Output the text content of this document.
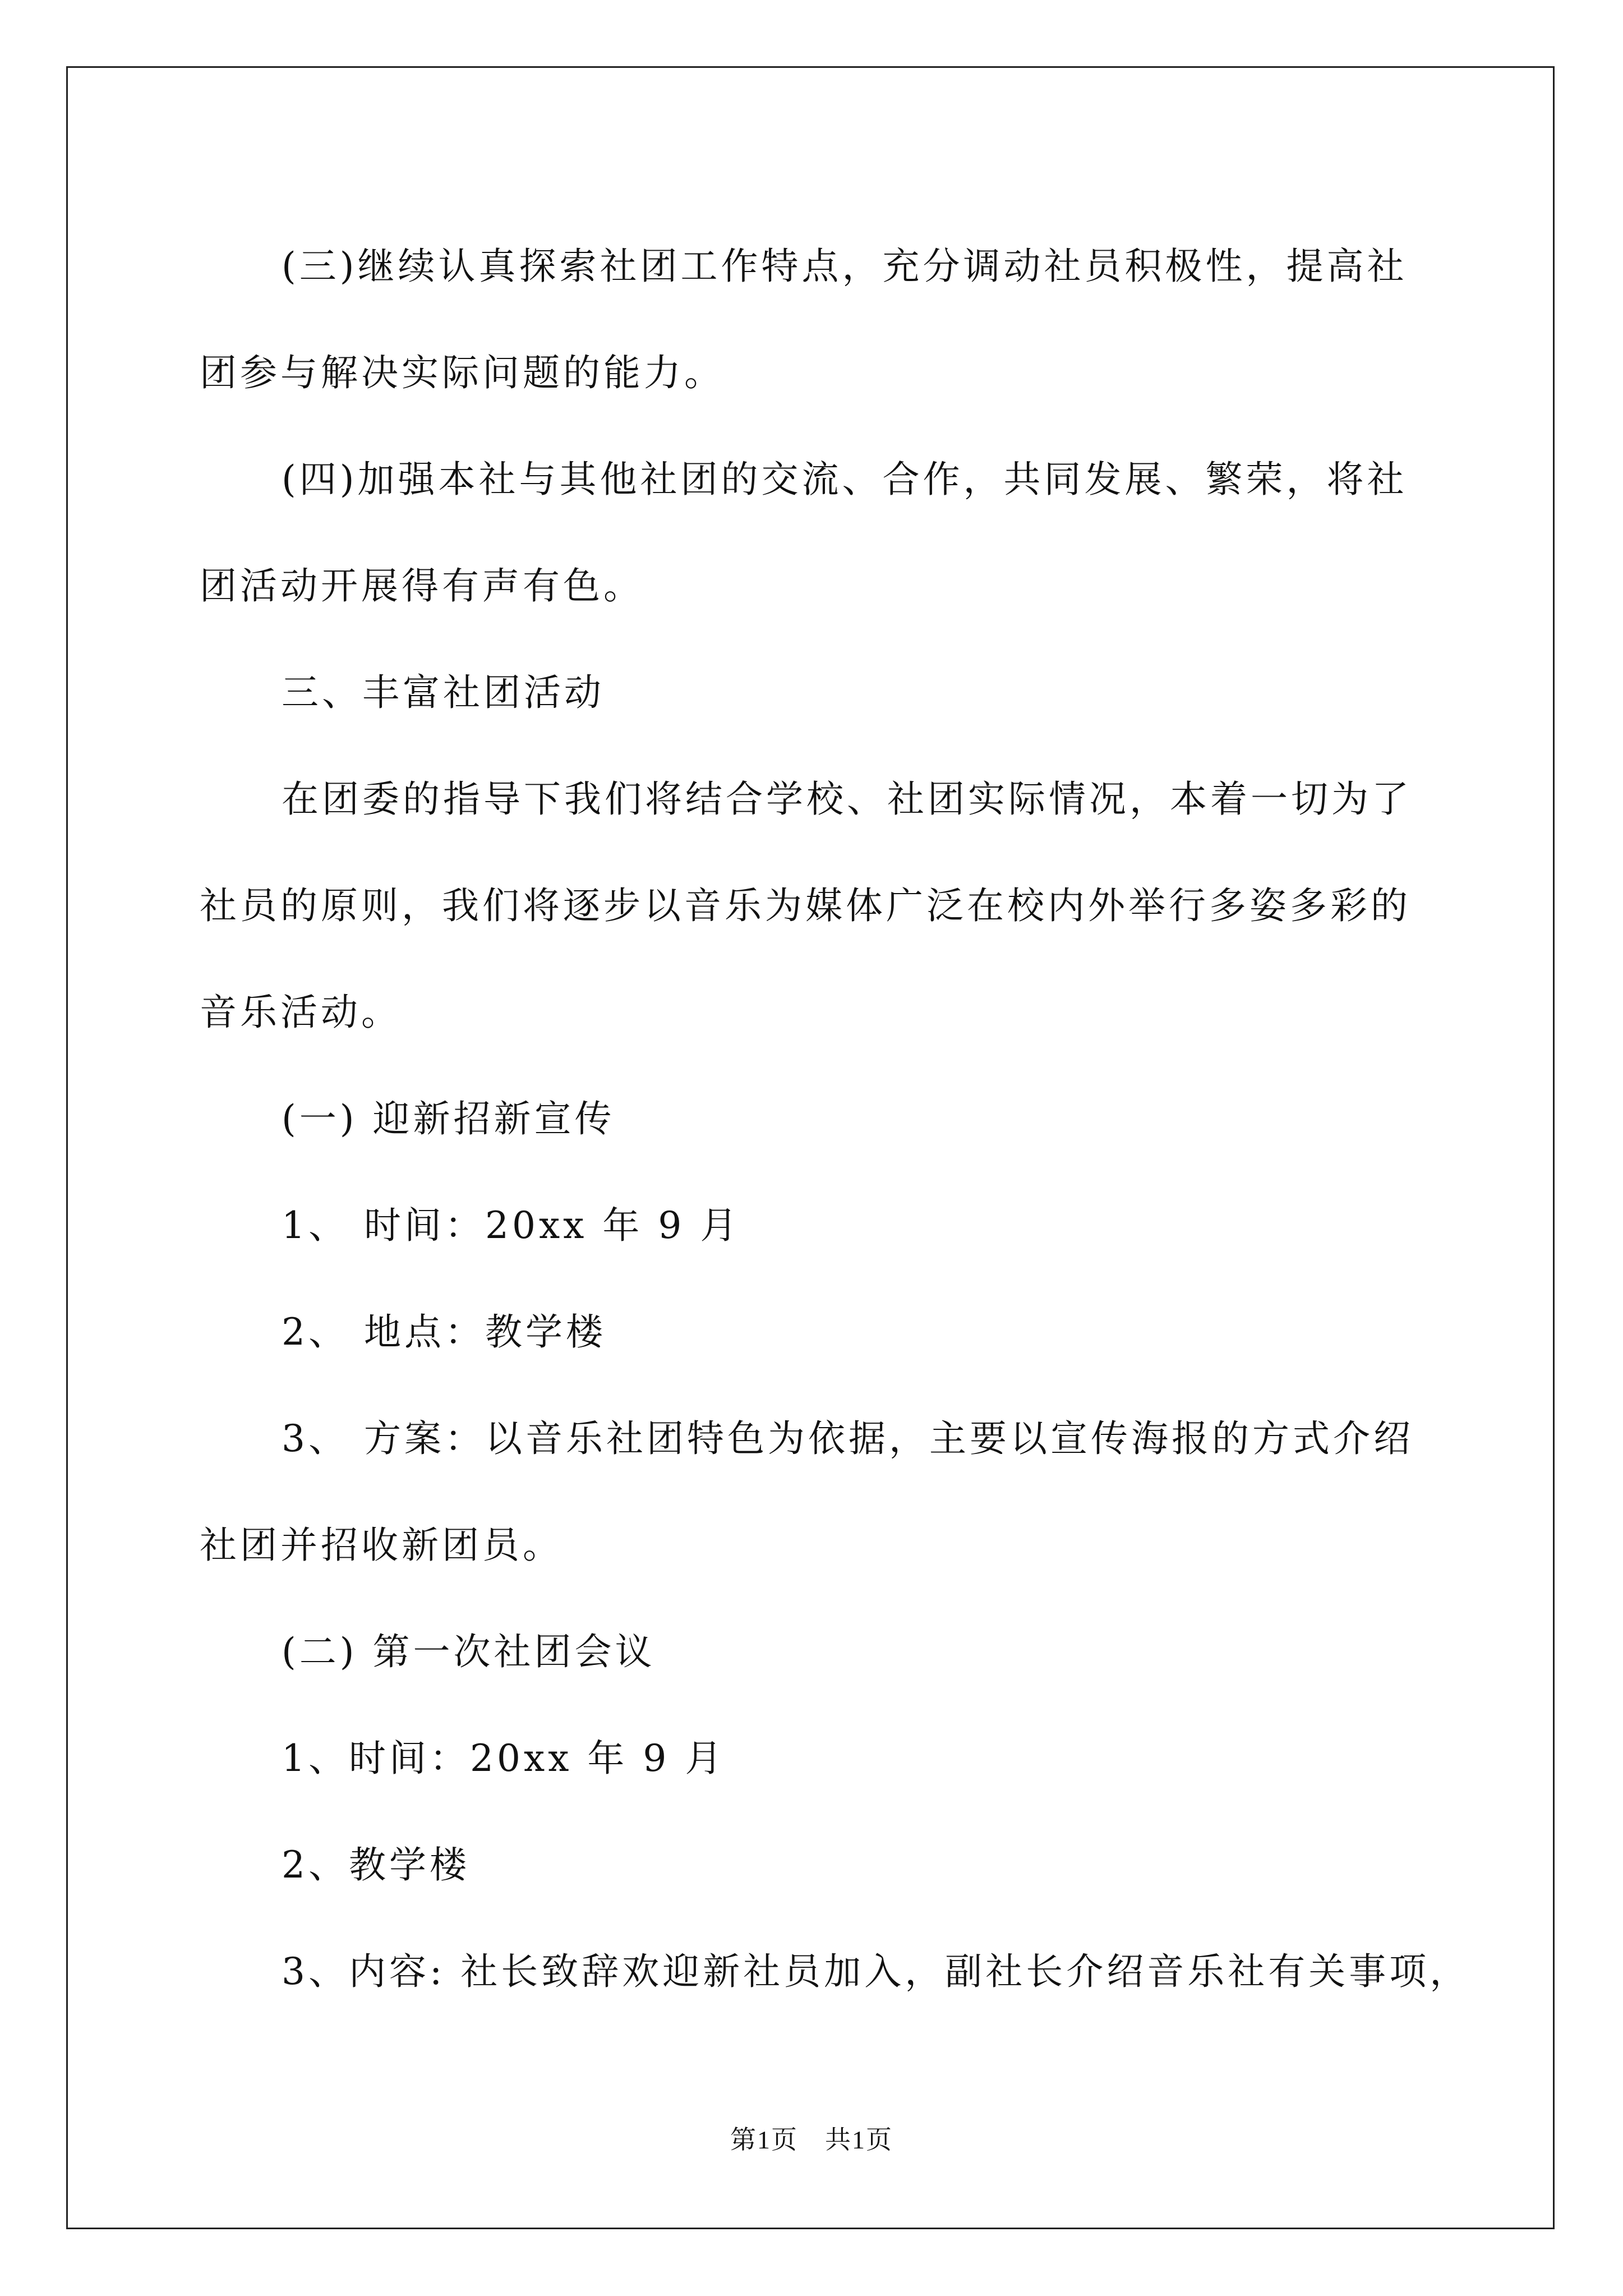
(三)继续认真探索社团工作特点，充分调动社员积极性，提高社

团参与解决实际问题的能力。

(四)加强本社与其他社团的交流、合作，共同发展、繁荣，将社

团活动开展得有声有色。

三、丰富社团活动

在团委的指导下我们将结合学校、社团实际情况，本着一切为了

社员的原则，我们将逐步以音乐为媒体广泛在校内外举行多姿多彩的

音乐活动。

(一) 迎新招新宣传

1、 时间：20xx 年 9 月

2、 地点：教学楼

3、 方案：以音乐社团特色为依据，主要以宣传海报的方式介绍

社团并招收新团员。

(二) 第一次社团会议

1、时间：20xx 年 9 月

2、教学楼

3、内容: 社长致辞欢迎新社员加入，副社长介绍音乐社有关事项，

第1页　共1页
